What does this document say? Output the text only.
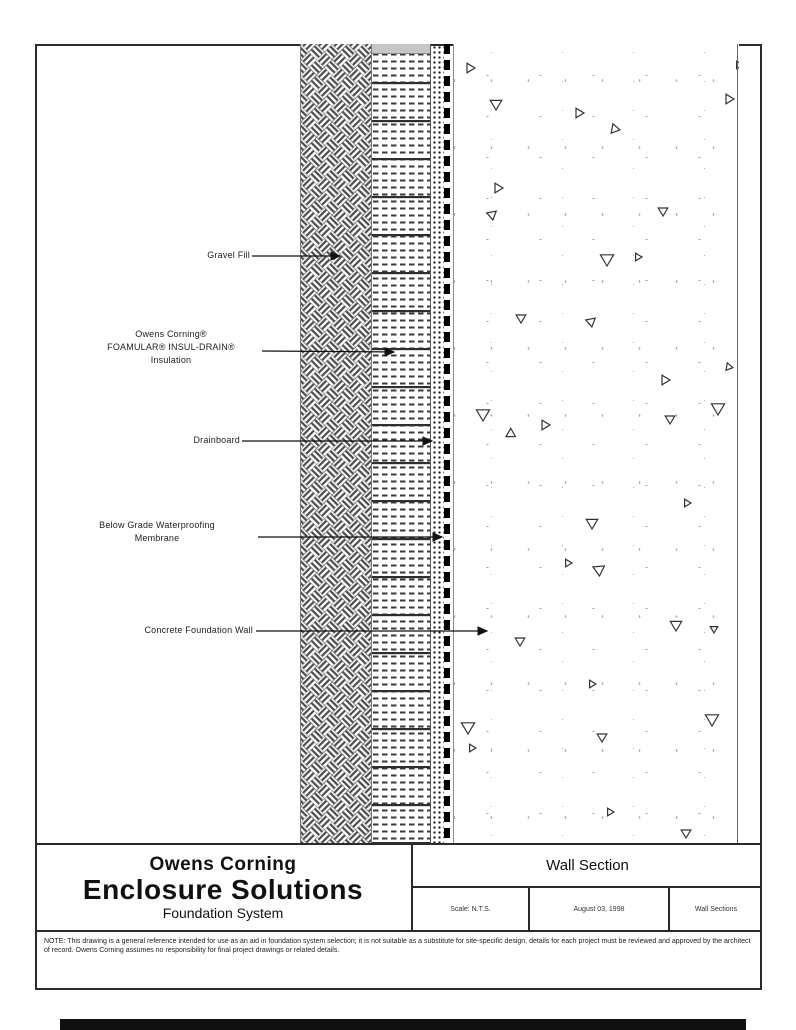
Gravel Fill
Owens Corning®
FOAMULAR® INSUL-DRAIN®
Insulation
Drainboard
Below Grade Waterproofing
Membrane
Concrete Foundation Wall
Owens Corning
Enclosure Solutions
Foundation System
Wall Section
Scale: N.T.S.	August 03, 1998	Wall Sections
NOTE: This drawing is a general reference intended for use as an aid in foundation system selection; it is not suitable as a substitute for site-specific design, details for each project must be reviewed and approved by the architect of record. Owens Corning assumes no responsibility for final project drawings or related details.
